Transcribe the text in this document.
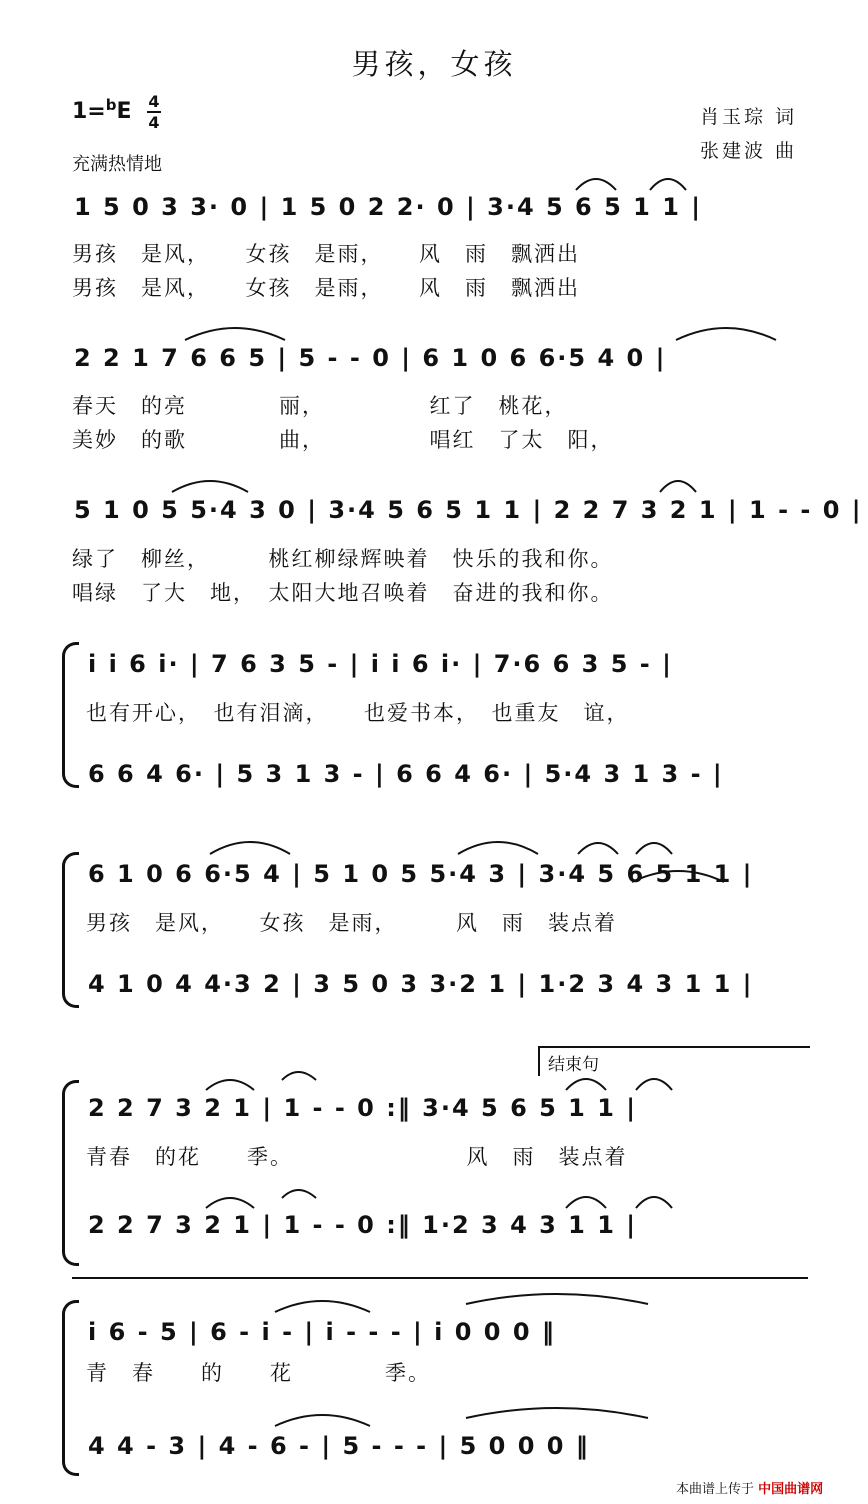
男孩，女孩
1=$^b$E 4
4
充满热情地
肖玉琮 词
张建波 曲
1 5 0 3 3· 0 | 1 5 0 2 2· 0 | 3·4 5 6 5 1 1 |
男孩　是风，　　女孩　是雨，　　风　雨　飘洒出
男孩　是风，　　女孩　是雨，　　风　雨　飘洒出
2 2 1 7 6 6 5 | 5 - - 0 | 6 1 0 6 6·5 4 0 |
春天　的亮　　　　丽，　　　　　红了　桃花，
美妙　的歌　　　　曲，　　　　　唱红　了太　阳，
5 1 0 5 5·4 3 0 | 3·4 5 6 5 1 1 | 2 2 7 3 2 1 | 1 - - 0 |
绿了　柳丝，　　　桃红柳绿辉映着　快乐的我和你。
唱绿　了大　地，　太阳大地召唤着　奋进的我和你。
i i 6 i· | 7 6 3 5 - | i i 6 i· | 7·6 6 3 5 - |
也有开心，　也有泪滴，　　也爱书本，　也重友　谊，
6 6 4 6· | 5 3 1 3 - | 6 6 4 6· | 5·4 3 1 3 - |
6 1 0 6 6·5 4 | 5 1 0 5 5·4 3 | 3·4 5 6 5 1 1 |
男孩　是风，　　女孩　是雨，　　　风　雨　装点着
4 1 0 4 4·3 2 | 3 5 0 3 3·2 1 | 1·2 3 4 3 1 1 |
结束句
2 2 7 3 2 1 | 1 - - 0 :‖ 3·4 5 6 5 1 1 |
青春　的花　　季。　　　　　　　　风　雨　装点着
2 2 7 3 2 1 | 1 - - 0 :‖ 1·2 3 4 3 1 1 |
i 6 - 5 | 6 - i - | i - - - | i 0 0 0 ‖
青　春　　的　　花　　　　季。
4 4 - 3 | 4 - 6 - | 5 - - - | 5 0 0 0 ‖
本曲谱上传于 中国曲谱网
